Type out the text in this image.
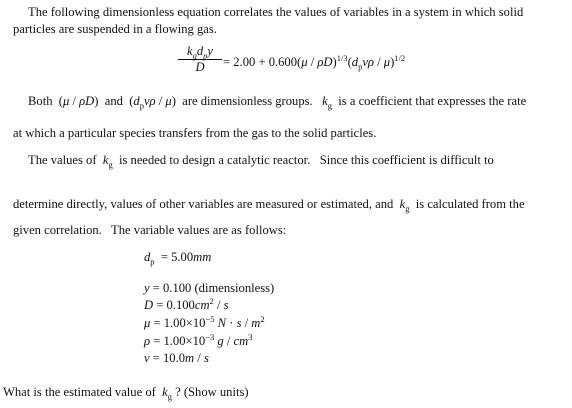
The following dimensionless equation correlates the values of variables in a system in which solid
particles are suspended in a flowing gas.
$k_gd_py$
D	= $2.00 + 0.600(\mu / \rho D)^{1/3}(d_pv\rho / \mu)^{1/2}$
Both  (μ / ρD)  and  $(d_pv\rho / \mu)$  are dimensionless groups.   $k_g$  is a coefficient that expresses the rate
at which a particular species transfers from the gas to the solid particles.
The values of  $k_g$  is needed to design a catalytic reactor.   Since this coefficient is difficult to
determine directly, values of other variables are measured or estimated, and  $k_g$  is calculated from the
given correlation.   The variable values are as follows:
$d_p = 5.00mm$
y = 0.100 (dimensionless)
$D = 0.100cm^2 / s$
$\mu = 1.00\times 10^{-5}$ $N \cdot s / m^2$
$\rho = 1.00\times 10^{-3}$ g / $cm^3$
v = 10.0m / s
What is the estimated value of  $k_g$ ? (Show units)
